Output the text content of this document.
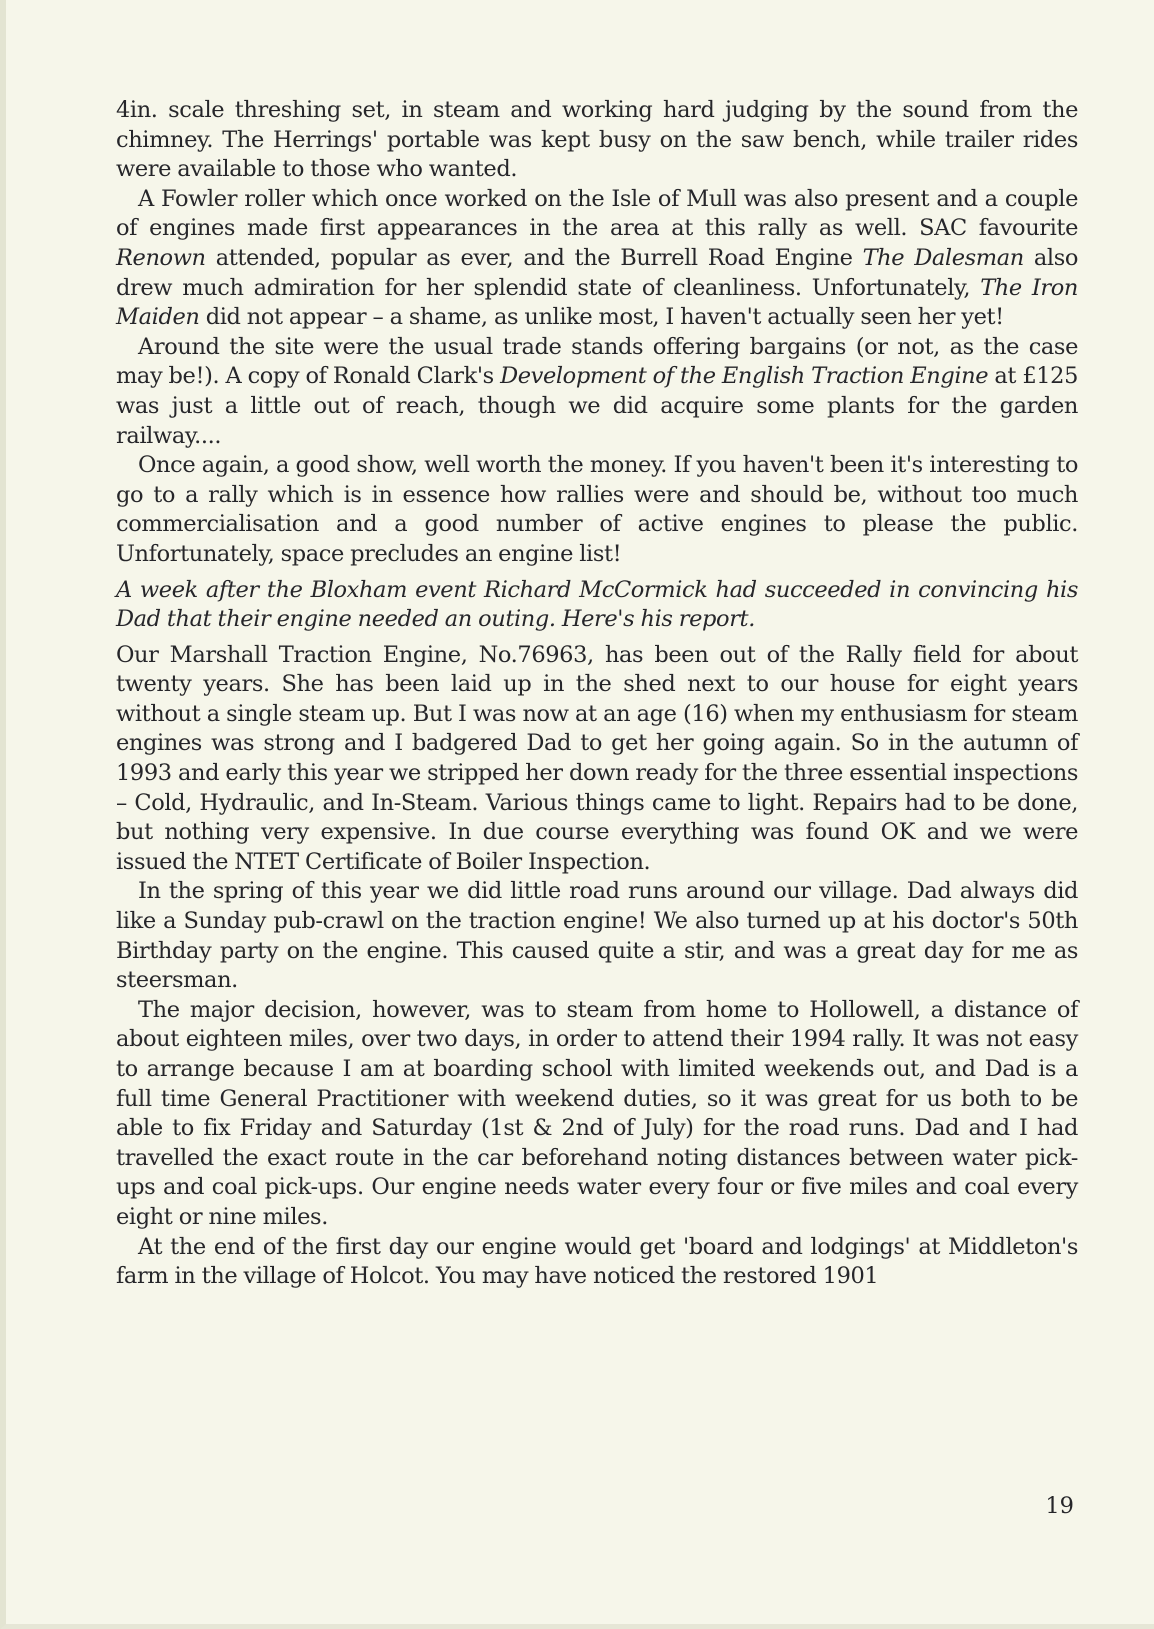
4in. scale threshing set, in steam and working hard judging by the sound from the chimney. The Herrings' portable was kept busy on the saw bench, while trailer rides were available to those who wanted.

A Fowler roller which once worked on the Isle of Mull was also present and a couple of engines made first appearances in the area at this rally as well. SAC favourite Renown attended, popular as ever, and the Burrell Road Engine The Dalesman also drew much admiration for her splendid state of cleanliness. Unfortunately, The Iron Maiden did not appear – a shame, as unlike most, I haven't actually seen her yet!

Around the site were the usual trade stands offering bargains (or not, as the case may be!). A copy of Ronald Clark's Development of the English Traction Engine at £125 was just a little out of reach, though we did acquire some plants for the garden railway....

Once again, a good show, well worth the money. If you haven't been it's interesting to go to a rally which is in essence how rallies were and should be, without too much commercialisation and a good number of active engines to please the public. Unfortunately, space precludes an engine list!

A week after the Bloxham event Richard McCormick had succeeded in convincing his Dad that their engine needed an outing. Here's his report.

Our Marshall Traction Engine, No.76963, has been out of the Rally field for about twenty years. She has been laid up in the shed next to our house for eight years without a single steam up. But I was now at an age (16) when my enthusiasm for steam engines was strong and I badgered Dad to get her going again. So in the autumn of 1993 and early this year we stripped her down ready for the three essential inspections – Cold, Hydraulic, and In-Steam. Various things came to light. Repairs had to be done, but nothing very expensive. In due course everything was found OK and we were issued the NTET Certificate of Boiler Inspection.

In the spring of this year we did little road runs around our village. Dad always did like a Sunday pub-crawl on the traction engine! We also turned up at his doctor's 50th Birthday party on the engine. This caused quite a stir, and was a great day for me as steersman.

The major decision, however, was to steam from home to Hollowell, a distance of about eighteen miles, over two days, in order to attend their 1994 rally. It was not easy to arrange because I am at boarding school with limited weekends out, and Dad is a full time General Practitioner with weekend duties, so it was great for us both to be able to fix Friday and Saturday (1st & 2nd of July) for the road runs. Dad and I had travelled the exact route in the car beforehand noting distances between water pick-ups and coal pick-ups. Our engine needs water every four or five miles and coal every eight or nine miles.

At the end of the first day our engine would get 'board and lodgings' at Middleton's farm in the village of Holcot. You may have noticed the restored 1901

19
